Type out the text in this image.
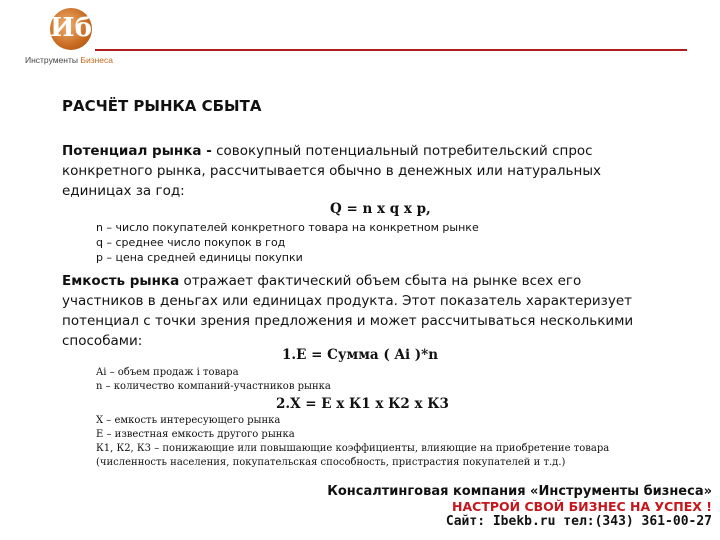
Иб
Инструменты Бизнеса
РАСЧЁТ РЫНКА СБЫТА
Потенциал рынка - совокупный потенциальный потребительский спрос конкретного рынка, рассчитывается обычно в денежных или натуральных единицах за год:
Q = n x q x p,
n – число покупателей конкретного товара на конкретном рынке
q – среднее число покупок в год
p – цена средней единицы покупки
Емкость рынка отражает фактический объем сбыта на рынке всех его участников в деньгах или единицах продукта. Этот показатель характеризует потенциал с точки зрения предложения и может рассчитываться несколькими способами:
1.E = Сумма ( Ai )*n
Ai – объем продаж i товара
n – количество компаний-участников рынка
2.X = E x К1 х К2 х К3
X – емкость интересующего рынка
E – известная емкость другого рынка
К1, К2, К3 – понижающие или повышающие коэффициенты, влияющие на приобретение товара
(численность населения, покупательская способность, пристрастия покупателей и т.д.)
Консалтинговая компания «Инструменты бизнеса»
НАСТРОЙ СВОЙ БИЗНЕС НА УСПЕХ !
Сайт: Ibekb.ru тел:(343) 361-00-27
